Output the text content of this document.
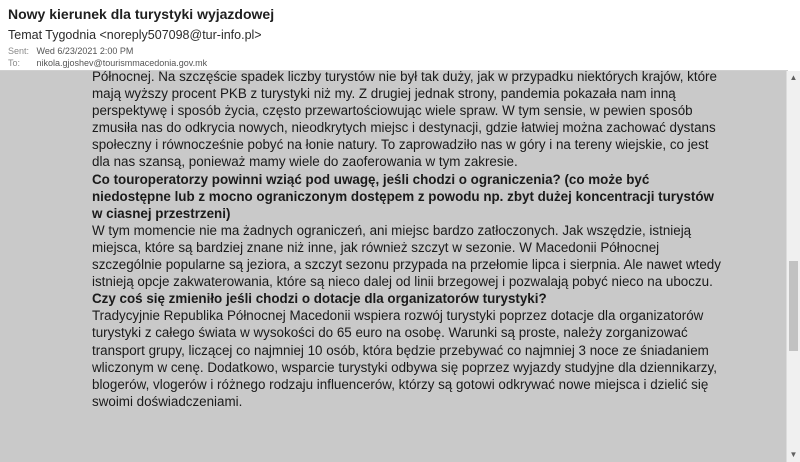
Nowy kierunek dla turystyki wyjazdowej
Temat Tygodnia <noreply507098@tur-info.pl>
Sent: Wed 6/23/2021 2:00 PM
To: nikola.gjoshev@tourismmacedonia.gov.mk

Północnej. Na szczęście spadek liczby turystów nie był tak duży, jak w przypadku niektórych krajów, które mają wyższy procent PKB z turystyki niż my. Z drugiej jednak strony, pandemia pokazała nam inną perspektywę i sposób życia, często przewartościowując wiele spraw. W tym sensie, w pewien sposób zmusiła nas do odkrycia nowych, nieodkrytych miejsc i destynacji, gdzie łatwiej można zachować dystans społeczny i równocześnie pobyć na łonie natury. To zaprowadziło nas w góry i na tereny wiejskie, co jest dla nas szansą, ponieważ mamy wiele do zaoferowania w tym zakresie.

Co touroperatorzy powinni wziąć pod uwagę, jeśli chodzi o ograniczenia? (co może być niedostępne lub z mocno ograniczonym dostępem z powodu np. zbyt dużej koncentracji turystów w ciasnej przestrzeni)

W tym momencie nie ma żadnych ograniczeń, ani miejsc bardzo zatłoczonych. Jak wszędzie, istnieją miejsca, które są bardziej znane niż inne, jak również szczyt w sezonie. W Macedonii Północnej szczególnie popularne są jeziora, a szczyt sezonu przypada na przełomie lipca i sierpnia. Ale nawet wtedy istnieją opcje zakwaterowania, które są nieco dalej od linii brzegowej i pozwalają pobyć nieco na uboczu.

Czy coś się zmieniło jeśli chodzi o dotacje dla organizatorów turystyki?

Tradycyjnie Republika Północnej Macedonii wspiera rozwój turystyki poprzez dotacje dla organizatorów turystyki z całego świata w wysokości do 65 euro na osobę. Warunki są proste, należy zorganizować transport grupy, liczącej co najmniej 10 osób, która będzie przebywać co najmniej 3 noce ze śniadaniem wliczonym w cenę. Dodatkowo, wsparcie turystyki odbywa się poprzez wyjazdy studyjne dla dziennikarzy, blogerów, vlogerów i różnego rodzaju influencerów, którzy są gotowi odkrywać nowe miejsca i dzielić się swoimi doświadczeniami.

▲
▼
